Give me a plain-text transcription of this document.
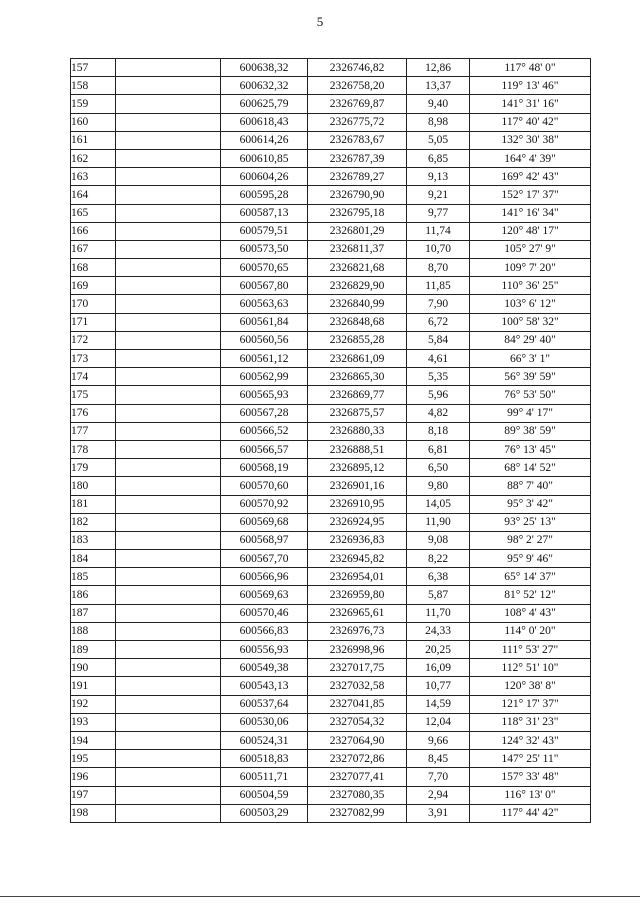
5
157		600638,32	2326746,82	12,86	117° 48' 0"
158		600632,32	2326758,20	13,37	119° 13' 46"
159		600625,79	2326769,87	9,40	141° 31' 16"
160		600618,43	2326775,72	8,98	117° 40' 42"
161		600614,26	2326783,67	5,05	132° 30' 38"
162		600610,85	2326787,39	6,85	164° 4' 39"
163		600604,26	2326789,27	9,13	169° 42' 43"
164		600595,28	2326790,90	9,21	152° 17' 37"
165		600587,13	2326795,18	9,77	141° 16' 34"
166		600579,51	2326801,29	11,74	120° 48' 17"
167		600573,50	2326811,37	10,70	105° 27' 9"
168		600570,65	2326821,68	8,70	109° 7' 20"
169		600567,80	2326829,90	11,85	110° 36' 25"
170		600563,63	2326840,99	7,90	103° 6' 12"
171		600561,84	2326848,68	6,72	100° 58' 32"
172		600560,56	2326855,28	5,84	84° 29' 40"
173		600561,12	2326861,09	4,61	66° 3' 1"
174		600562,99	2326865,30	5,35	56° 39' 59"
175		600565,93	2326869,77	5,96	76° 53' 50"
176		600567,28	2326875,57	4,82	99° 4' 17"
177		600566,52	2326880,33	8,18	89° 38' 59"
178		600566,57	2326888,51	6,81	76° 13' 45"
179		600568,19	2326895,12	6,50	68° 14' 52"
180		600570,60	2326901,16	9,80	88° 7' 40"
181		600570,92	2326910,95	14,05	95° 3' 42"
182		600569,68	2326924,95	11,90	93° 25' 13"
183		600568,97	2326936,83	9,08	98° 2' 27"
184		600567,70	2326945,82	8,22	95° 9' 46"
185		600566,96	2326954,01	6,38	65° 14' 37"
186		600569,63	2326959,80	5,87	81° 52' 12"
187		600570,46	2326965,61	11,70	108° 4' 43"
188		600566,83	2326976,73	24,33	114° 0' 20"
189		600556,93	2326998,96	20,25	111° 53' 27"
190		600549,38	2327017,75	16,09	112° 51' 10"
191		600543,13	2327032,58	10,77	120° 38' 8"
192		600537,64	2327041,85	14,59	121° 17' 37"
193		600530,06	2327054,32	12,04	118° 31' 23"
194		600524,31	2327064,90	9,66	124° 32' 43"
195		600518,83	2327072,86	8,45	147° 25' 11"
196		600511,71	2327077,41	7,70	157° 33' 48"
197		600504,59	2327080,35	2,94	116° 13' 0"
198		600503,29	2327082,99	3,91	117° 44' 42"
